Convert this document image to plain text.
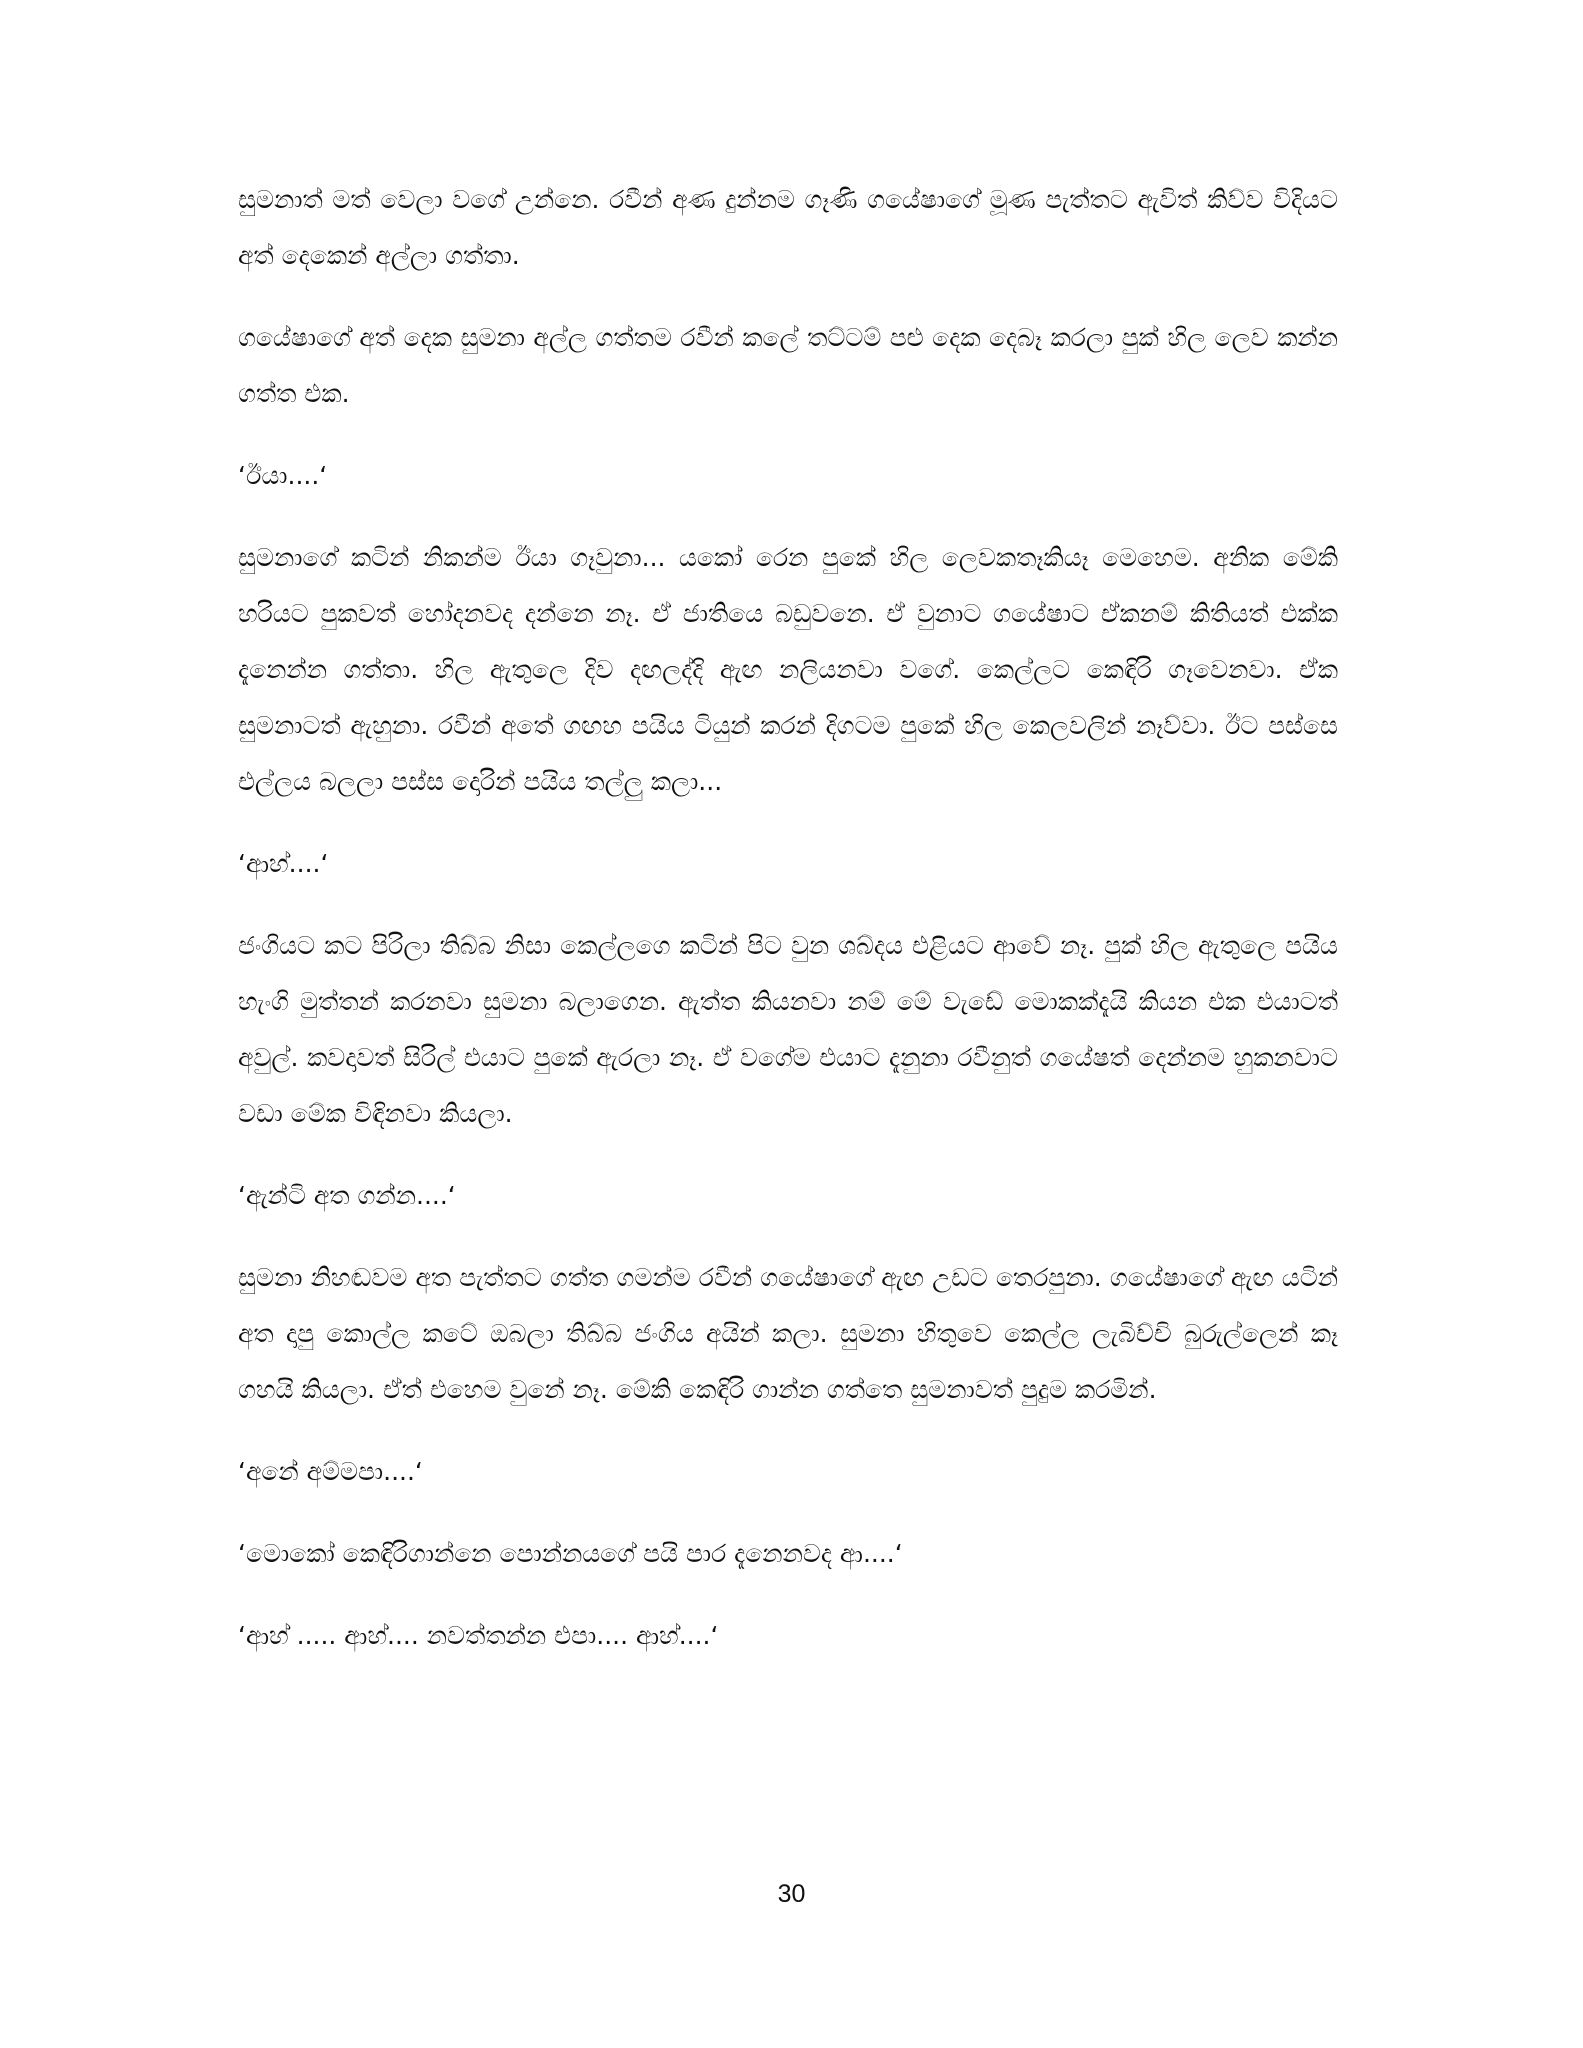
සුමනාත් මත් වෙලා වගේ උන්නෙ. රවීන් අණ දුන්නම ගෑණි ගයේෂාගේ මූණ පැත්තට ඇවිත් කිව්ව විදියට අත් දෙකෙන් අල්ලා ගත්තා.

ගයේෂාගේ අත් දෙක සුමනා අල්ල ගත්තම රවීන් කලේ තට්ටම් පළු දෙක දෙබෑ කරලා පුක් හිල ලෙව කන්න ගත්ත එක.

‘ඊයා....‘

සුමනාගේ කටින් නිකන්ම ඊයා ගෑවුනා... යකෝ රෙන පුකේ හිල ලෙවකතෑකියෑ මෙහෙම. අනික මේකි හරියට පුකවත් හෝදනවද දන්නෙ නෑ. ඒ ජාතියෙ බඩුවනෙ. ඒ වුනාට ගයේෂාට ඒකනම් කිතියත් එක්ක දැනෙන්න ගත්තා. හිල ඇතුලෙ දිව දඟලද්දි ඇඟ නලියනවා වගේ. කෙල්ලට කෙඳිරි ගෑවෙනවා. ඒක සුමනාටත් ඇහුනා. රවීන් අතේ ගඟහ පයිය ටියුන් කරන් දිගටම පුකේ හිල කෙලවලින් නෑව්වා. ඊට පස්සෙ එල්ලය බලලා පස්ස දොරින් පයිය තල්ලු කලා...

‘ආහ්....‘

ජංගියට කට පිරිලා තිබ්බ නිසා කෙල්ලගෙ කටින් පිට වුන ශබ්දය එළියට ආවේ නෑ. පුක් හිල ඇතුලෙ පයිය හැංගි මුත්තන් කරනවා සුමනා බලාගෙන. ඇත්ත කියනවා නම් මේ වැඩේ මොකක්දැයි කියන එක එයාටත් අවුල්. කවදාවත් සිරිල් එයාට පුකේ ඇරලා නෑ. ඒ වගේම එයාට දැනුනා රවීනුත් ගයේෂත් දෙන්නම හුකනවාට වඩා මේක විඳිනවා කියලා.

‘ඇන්ටි අත ගන්න....‘

සුමනා නිහඬවම අත පැත්තට ගත්ත ගමන්ම රවීන් ගයේෂාගේ ඇඟ උඩට තෙරපුනා. ගයේෂාගේ ඇඟ යටින් අත දාපු කොල්ල කටේ ඔබලා තිබ්බ ජංගිය අයින් කලා. සුමනා හිතුවෙ කෙල්ල ලැබිච්චි බුරුල්ලෙන් කෑ ගහයි කියලා. ඒත් එහෙම වුනේ නෑ. මේකි කෙඳිරි ගාන්න ගත්තෙ සුමනාවත් පුදුම කරමින්.

‘අනේ අම්මපා....‘

‘මොකෝ කෙඳිරිගාන්නෙ පොන්නයගේ පයි පාර දැනෙනවද ආ....‘

‘ආහ් ..... ආහ්.... නවත්තන්න එපා.... ආහ්....‘

30
